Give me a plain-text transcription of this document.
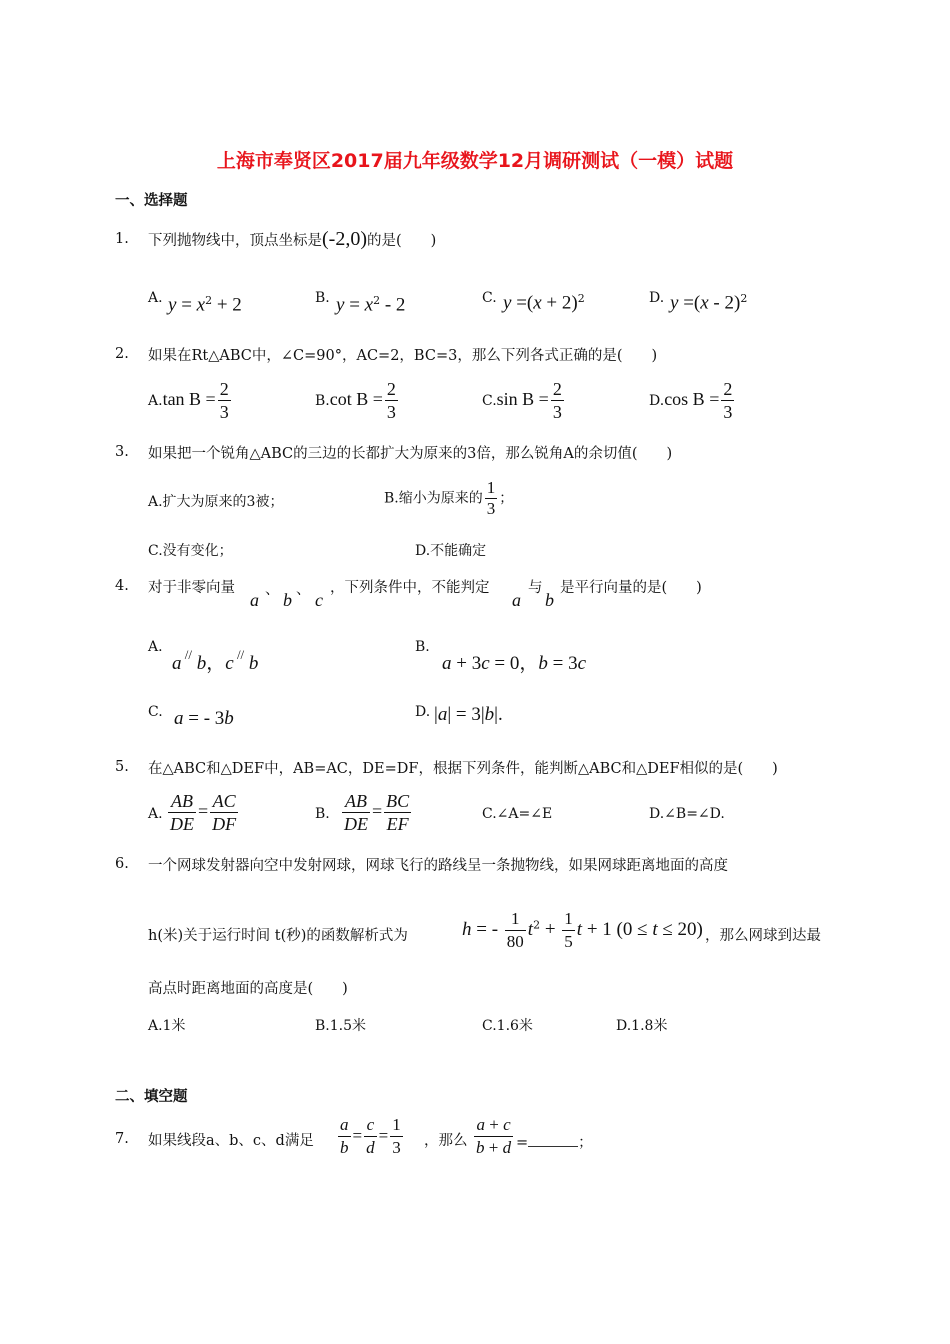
上海市奉贤区2017届九年级数学12月调研测试（一模）试题
一、选择题
1. 下列抛物线中，顶点坐标是(-2,0)的是(　　)
A. $y = x^2 + 2$	B. $y = x^2 - 2$	C. $y =(x + 2)^2$	D. y =(x - 2)$^2$
2. 如果在Rt△ABC中，∠C=90°，AC=2，BC=3，那么下列各式正确的是(　　)
A.tan $B = \frac{2}{3}$	B.cot $B = \frac{2}{3}$	C.sin $B = \frac{2}{3}$	D.cos $B = \frac{2}{3}$
3. 如果把一个锐角△ABC的三边的长都扩大为原来的3倍，那么锐角A的余切值(　　)
A.扩大为原来的3被；	B.缩小为原来的 $\frac{1}{3}$ ；
C.没有变化；	D.不能确定
4. 对于非零向量
a 、 b 、 c
，下列条件中，不能判定
a
与
b
是平行向量的是(　　)
A.
a // b，c // b
B.
a + 3c = 0，b = 3c
C. a = - 3b	D. |a| = 3|b|.
5. 在△ABC和△DEF中，AB=AC，DE=DF，根据下列条件，能判断△ABC和△DEF相似的是(　　)
A. $\frac{AB}{DE} = \frac{AC}{DF}$	B. $\frac{AB}{DE} = \frac{BC}{EF}$	C.∠A=∠E	D.∠B=∠D.
6. 一个网球发射器向空中发射网球，网球飞行的路线呈一条抛物线，如果网球距离地面的高度
h(米)关于运行时间 t(秒)的函数解析式为	h = - $\frac{1}{80} t^2 + \frac{1}{5}$ t + 1 (0 ≤ t ≤ 20) ，那么网球到达最
高点时距离地面的高度是(　　)
A.1米	B.1.5米	C.1.6米	D.1.8米
二、填空题
7. 如果线段a、b、c、d满足 $\frac{a}{b} = \frac{c}{d} = \frac{1}{3}$ ，那么 $\frac{a + c}{b + d}$ =	；
